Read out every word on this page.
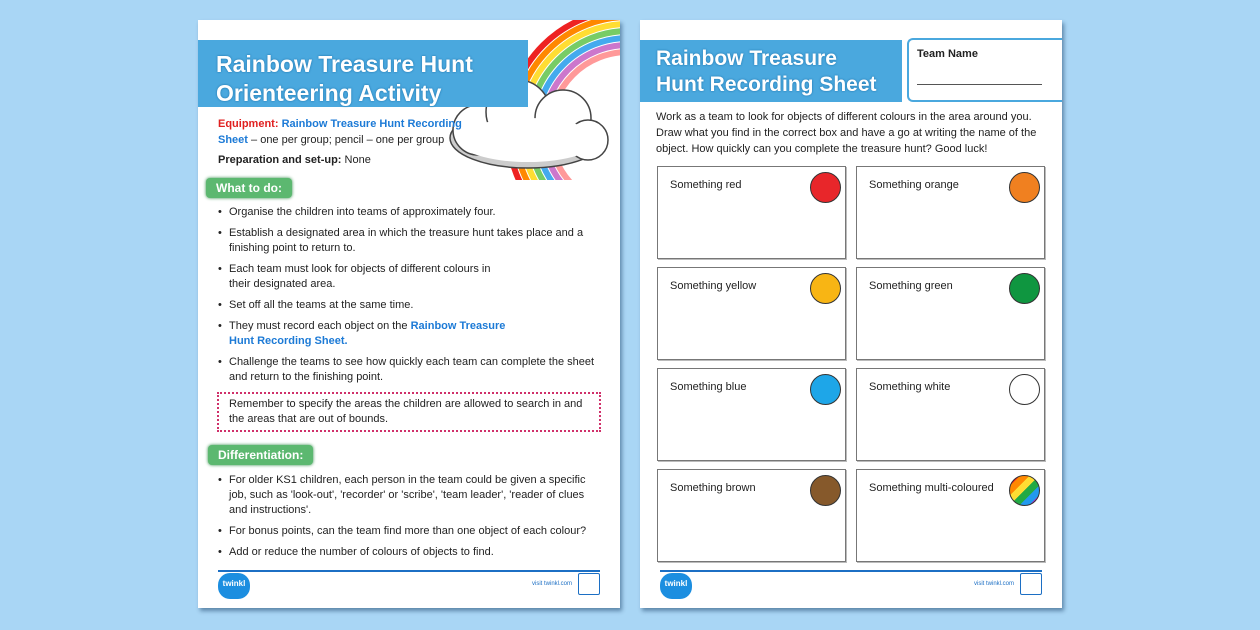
Rainbow Treasure Hunt Orienteering Activity
Equipment: Rainbow Treasure Hunt Recording Sheet – one per group; pencil – one per group
Preparation and set-up: None
What to do:
• Organise the children into teams of approximately four.
• Establish a designated area in which the treasure hunt takes place and a finishing point to return to.
• Each team must look for objects of different colours in their designated area.
• Set off all the teams at the same time.
• They must record each object on the Rainbow Treasure Hunt Recording Sheet.
• Challenge the teams to see how quickly each team can complete the sheet and return to the finishing point.
Remember to specify the areas the children are allowed to search in and the areas that are out of bounds.
Differentiation:
• For older KS1 children, each person in the team could be given a specific job, such as 'look-out', 'recorder' or 'scribe', 'team leader', 'reader of clues and instructions'.
• For bonus points, can the team find more than one object of each colour?
• Add or reduce the number of colours of objects to find.
twinkl	visit twinkl.com
Rainbow Treasure Hunt Recording Sheet
Team Name
Work as a team to look for objects of different colours in the area around you. Draw what you find in the correct box and have a go at writing the name of the object. How quickly can you complete the treasure hunt? Good luck!
Something red	Something orange
Something yellow	Something green
Something blue	Something white
Something brown	Something multi-coloured
twinkl	visit twinkl.com
